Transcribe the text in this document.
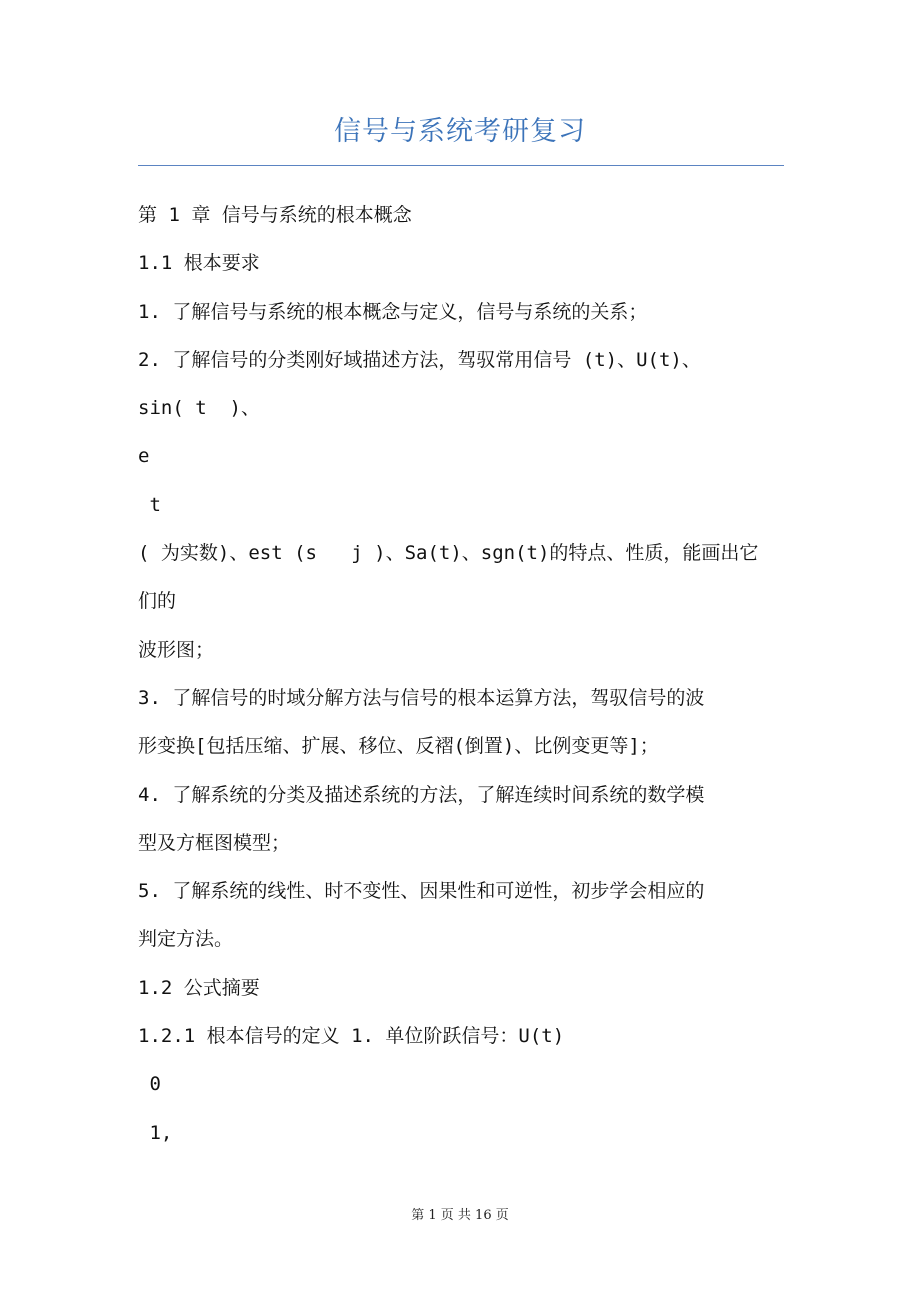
信号与系统考研复习
第 1 章 信号与系统的根本概念
1.1 根本要求
1. 了解信号与系统的根本概念与定义，信号与系统的关系；
2. 了解信号的分类刚好域描述方法，驾驭常用信号 (t)、U(t)、
sin( t  )、
e
t
( 为实数)、est (s   j )、Sa(t)、sgn(t)的特点、性质，能画出它
们的
波形图；
3. 了解信号的时域分解方法与信号的根本运算方法，驾驭信号的波
形变换[包括压缩、扩展、移位、反褶(倒置)、比例变更等]；
4. 了解系统的分类及描述系统的方法，了解连续时间系统的数学模
型及方框图模型；
5. 了解系统的线性、时不变性、因果性和可逆性，初步学会相应的
判定方法。
1.2 公式摘要
1.2.1 根本信号的定义 1. 单位阶跃信号：U(t)
0
1,
第 1 页 共 16 页
